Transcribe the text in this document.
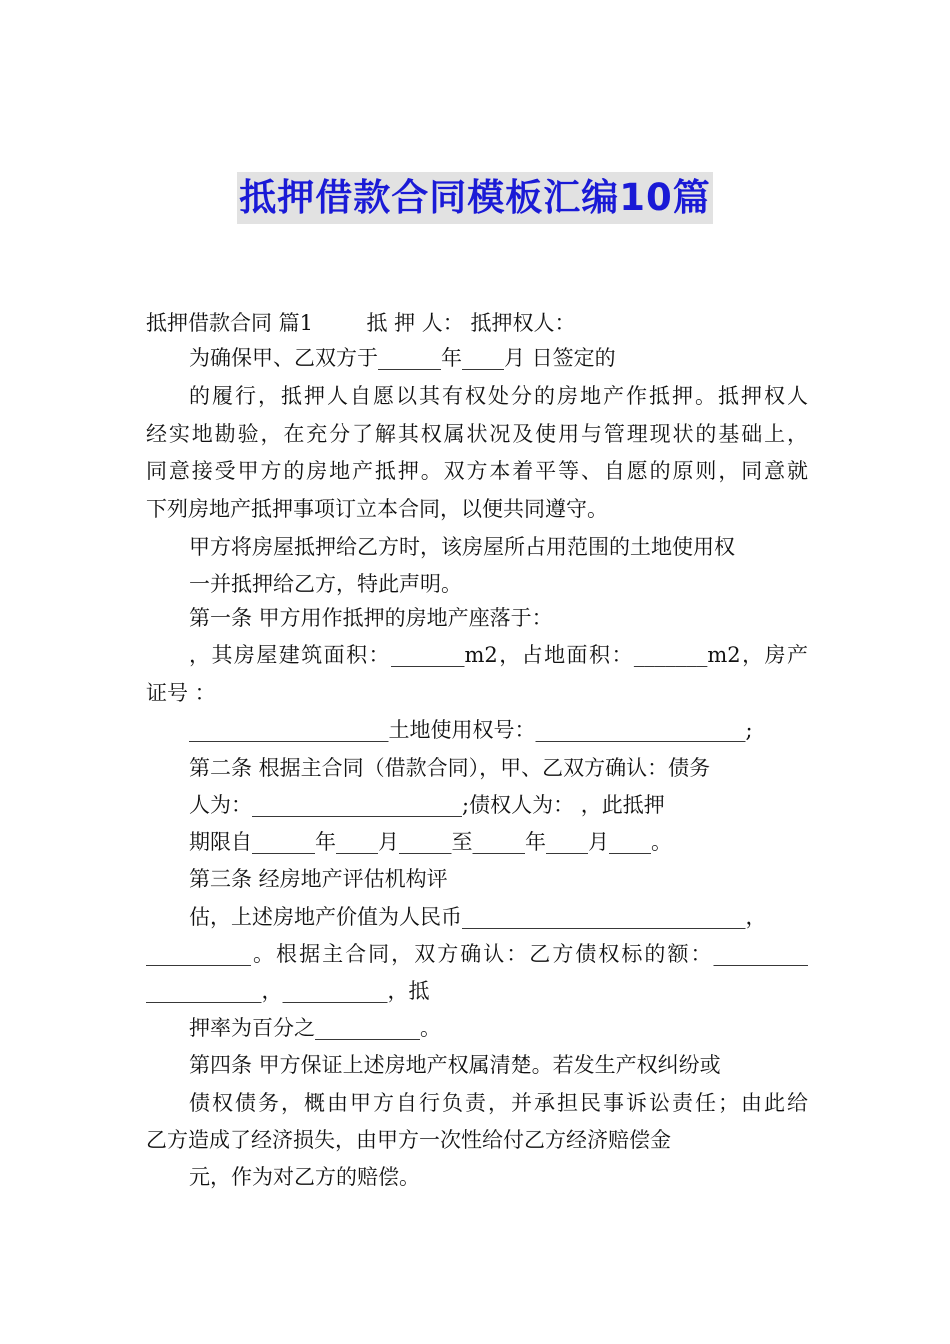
抵押借款合同模板汇编10篇
抵押借款合同 篇1        抵 押 人： 抵押权人：
为确保甲、乙双方于______年____月 日签定的
的履行，抵押人自愿以其有权处分的房地产作抵押。抵押权人
经实地勘验，在充分了解其权属状况及使用与管理现状的基础上，
同意接受甲方的房地产抵押。双方本着平等、自愿的原则，同意就
下列房地产抵押事项订立本合同，以便共同遵守。
甲方将房屋抵押给乙方时，该房屋所占用范围的土地使用权
一并抵押给乙方，特此声明。
第一条 甲方用作抵押的房地产座落于：
，其房屋建筑面积：_______m2，占地面积：_______m2，房产
证号 ：
___________________土地使用权号：____________________;
第二条 根据主合同（借款合同），甲、乙双方确认：债务
人为：____________________;债权人为： ，此抵押
期限自______年____月_____至_____年____月____。
第三条 经房地产评估机构评
估，上述房地产价值为人民币___________________________，
__________。根据主合同，双方确认：乙方债权标的额：_________
___________，__________，抵
押率为百分之__________。
第四条 甲方保证上述房地产权属清楚。若发生产权纠纷或
债权债务，概由甲方自行负责，并承担民事诉讼责任；由此给
乙方造成了经济损失，由甲方一次性给付乙方经济赔偿金
元，作为对乙方的赔偿。
